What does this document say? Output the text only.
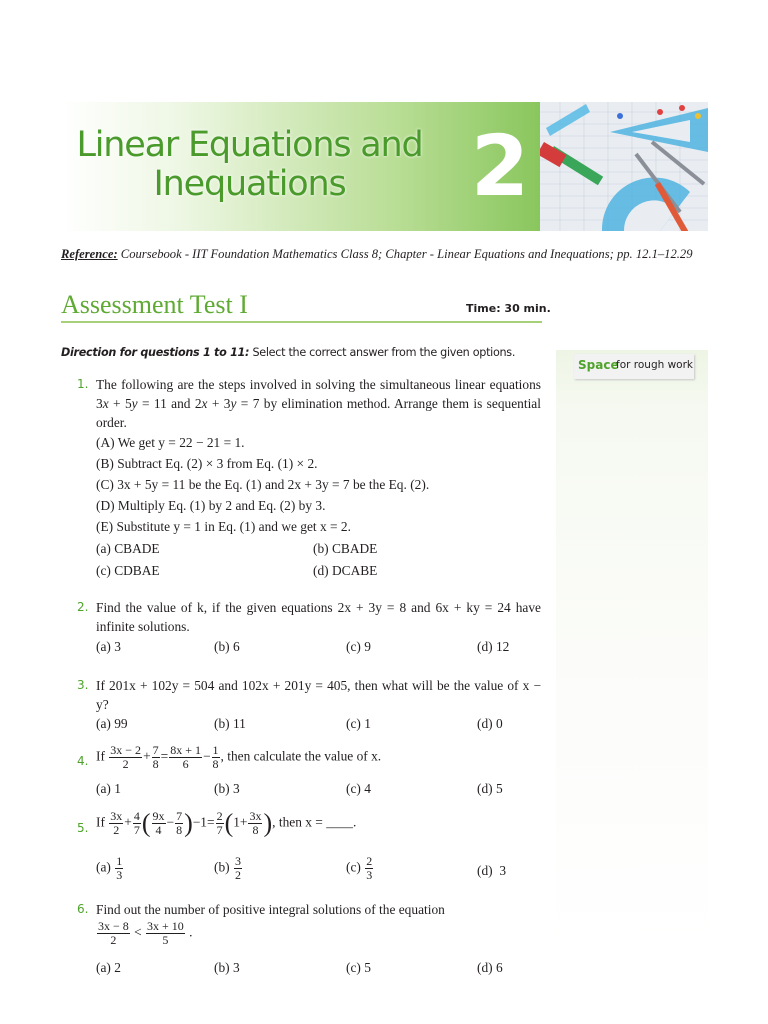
Linear Equations and
Inequations	2
Reference: Coursebook - IIT Foundation Mathematics Class 8; Chapter - Linear Equations and Inequations; pp. 12.1–12.29
Assessment Test I	Time: 30 min.
Direction for questions 1 to 11: Select the correct answer from the given options.
Space
for rough work
1. The following are the steps involved in solving the simultaneous linear equations 3x + 5y = 11 and 2x + 3y = 7 by elimination method. Arrange them is sequential order.
(A) We get y = 22 − 21 = 1.
(B) Subtract Eq. (2) × 3 from Eq. (1) × 2.
(C) 3x + 5y = 11 be the Eq. (1) and 2x + 3y = 7 be the Eq. (2).
(D) Multiply Eq. (1) by 2 and Eq. (2) by 3.
(E) Substitute y = 1 in Eq. (1) and we get x = 2.
(a) CBADE	(b) CBADE
(c) CDBAE	(d) DCABE
2. Find the value of k, if the given equations 2x + 3y = 8 and 6x + ky = 24 have infinite solutions.
(a) 3	(b) 6	(c) 9	(d) 12
3. If 201x + 102y = 504 and 102x + 201y = 405, then what will be the value of x − y?
(a) 99	(b) 11	(c) 1	(d) 0
4. If $\frac{3x - 2}{2} + \frac{7}{8} = \frac{8x + 1}{6} - \frac{1}{8}$ , then calculate the value of x.
(a) 1	(b) 3	(c) 4	(d) 5
5. If $\frac{3x}{2} + \frac{4}{7}$ ( $\frac{9x}{4} - \frac{7}{8} )-1= \frac{2}{7} (1+ \frac{3x}{8}$ ), then x = ____.
$(a) \frac{1}{3}$	$(b) \frac{3}{2}$	$(c) \frac{2}{3}$	(d) 3
6. Find out the number of positive integral solutions of the equation
$\frac{3x - 8}{2} < \frac{3x + 10}{5}$ .
(a) 2	(b) 3	(c) 5	(d) 6
